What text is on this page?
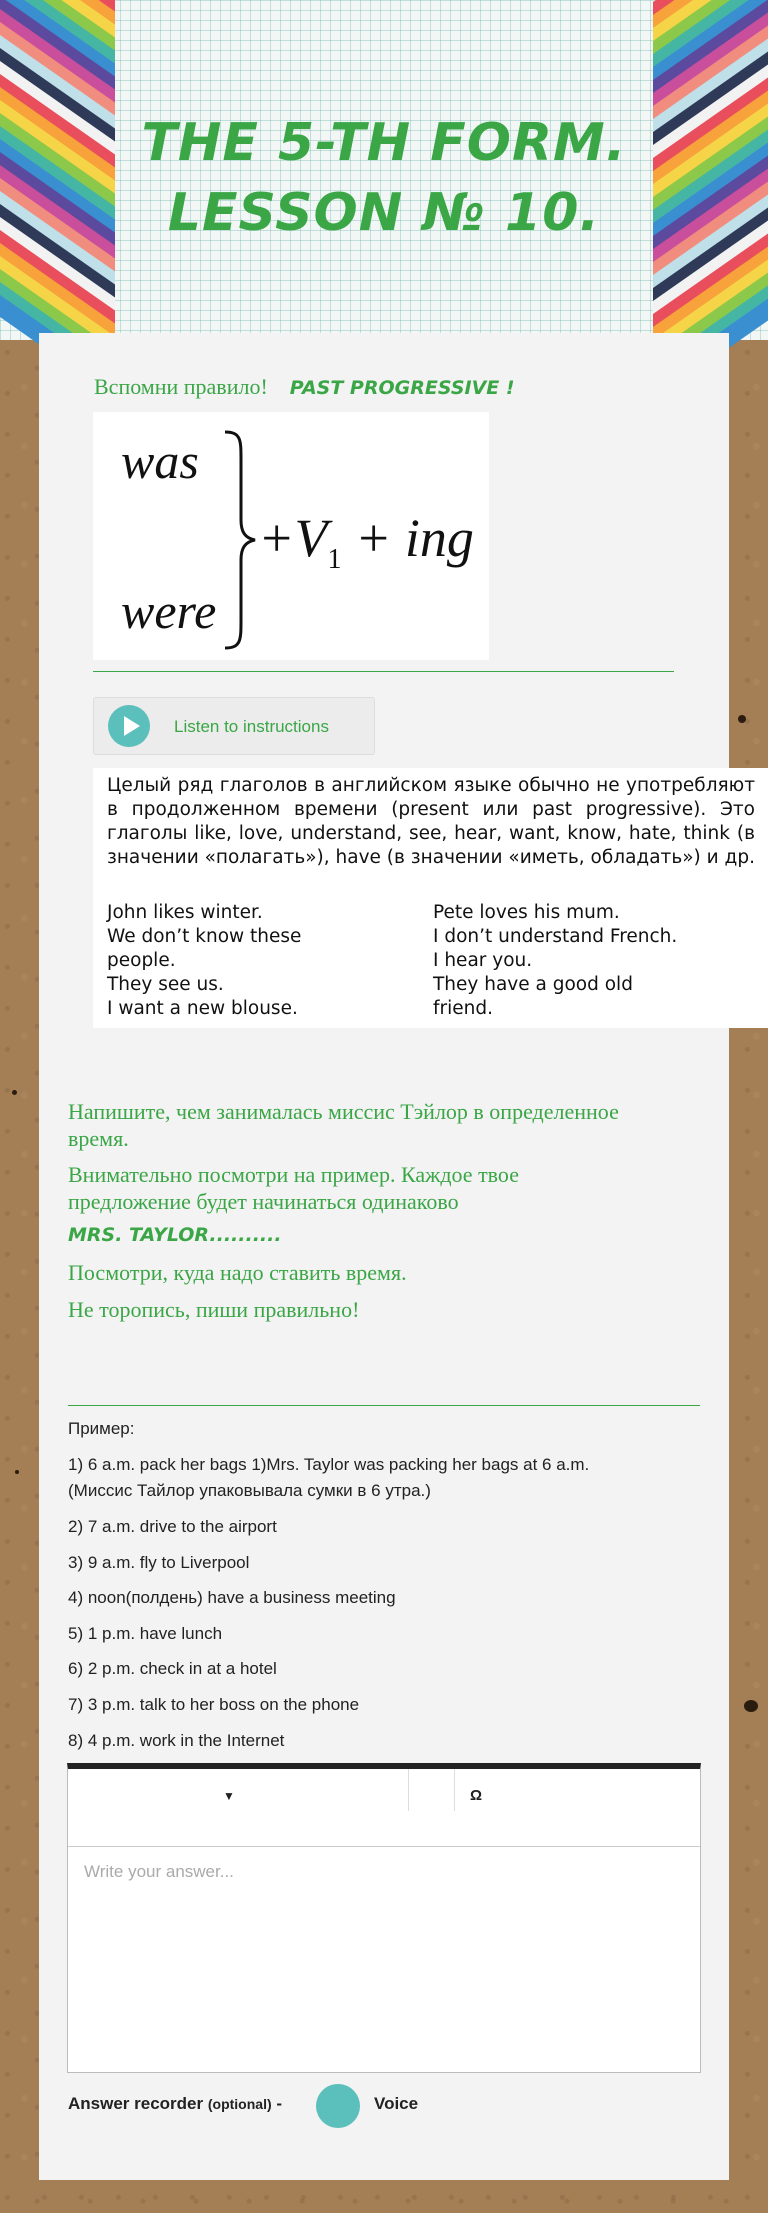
THE 5-TH FORM.
LESSON № 10.
Вспомни правило! PAST PROGRESSIVE !
was
$+V_1$ + ing
were
Listen to instructions
Целый ряд глаголов в английском языке обычно не употребляют в продолженном времени (present или past progressive). Это глаголы like, love, understand, see, hear, want, know, hate, think (в значении «полагать»), have (в значении «иметь, обладать») и др.
John likes winter.
We don’t know these
people.
They see us.
I want a new blouse.
Pete loves his mum.
I don’t understand French.
I hear you.
They have a good old
friend.
Напишите, чем занималась миссис Тэйлор в определенное время.
Внимательно посмотри на пример. Каждое твое предложение будет начинаться одинаково
MRS. TAYLOR..........
Посмотри, куда надо ставить время.
Не торопись, пиши правильно!
Пример:
1) 6 a.m. pack her bags 1)Mrs. Taylor was packing her bags at 6 a.m.
(Миссис Тайлор упаковывала сумки в 6 утра.)
2) 7 a.m. drive to the airport
3) 9 a.m. fly to Liverpool
4) noon(полдень) have a business meeting
5) 1 p.m. have lunch
6) 2 p.m. check in at a hotel
7) 3 p.m. talk to her boss on the phone
8) 4 p.m. work in the Internet
▼	Ω
Write your answer...
Answer recorder (optional) -	Voice
